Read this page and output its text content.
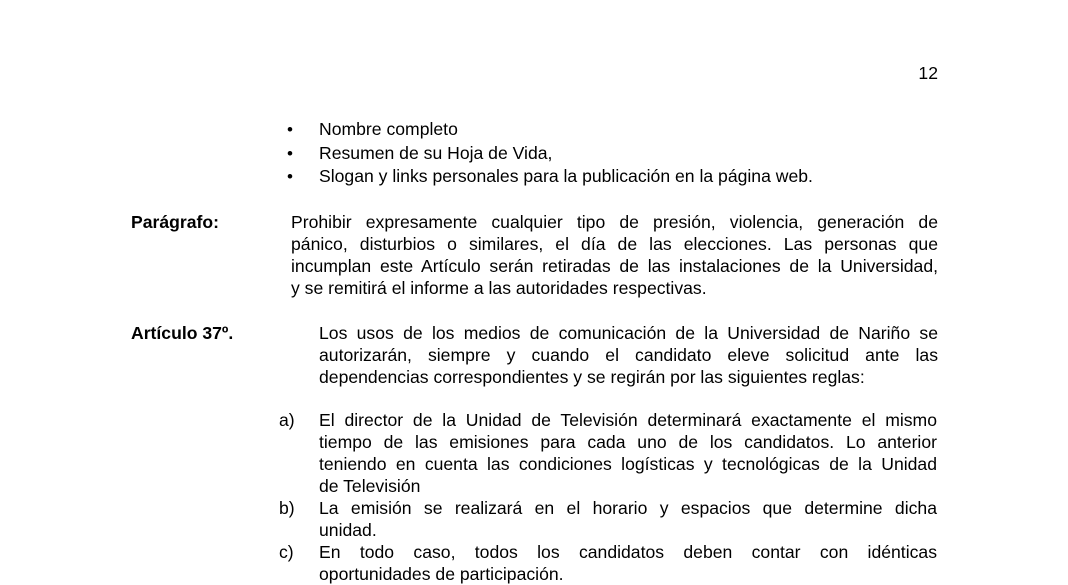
12
• Nombre completo
• Resumen de su Hoja de Vida,
• Slogan y links personales para la publicación en la página web.
Parágrafo:	Prohibir expresamente cualquier tipo de presión, violencia, generación de
pánico, disturbios o similares, el día de las elecciones. Las personas que
incumplan este Artículo serán retiradas de las instalaciones de la Universidad,
y se remitirá el informe a las autoridades respectivas.
Artículo 37º.	Los usos de los medios de comunicación de la Universidad de Nariño se
autorizarán, siempre y cuando el candidato eleve solicitud ante las
dependencias correspondientes y se regirán por las siguientes reglas:
a) El director de la Unidad de Televisión determinará exactamente el mismo
tiempo de las emisiones para cada uno de los candidatos. Lo anterior
teniendo en cuenta las condiciones logísticas y tecnológicas de la Unidad
de Televisión
b) La emisión se realizará en el horario y espacios que determine dicha
unidad.
c) En todo caso, todos los candidatos deben contar con idénticas
oportunidades de participación.
